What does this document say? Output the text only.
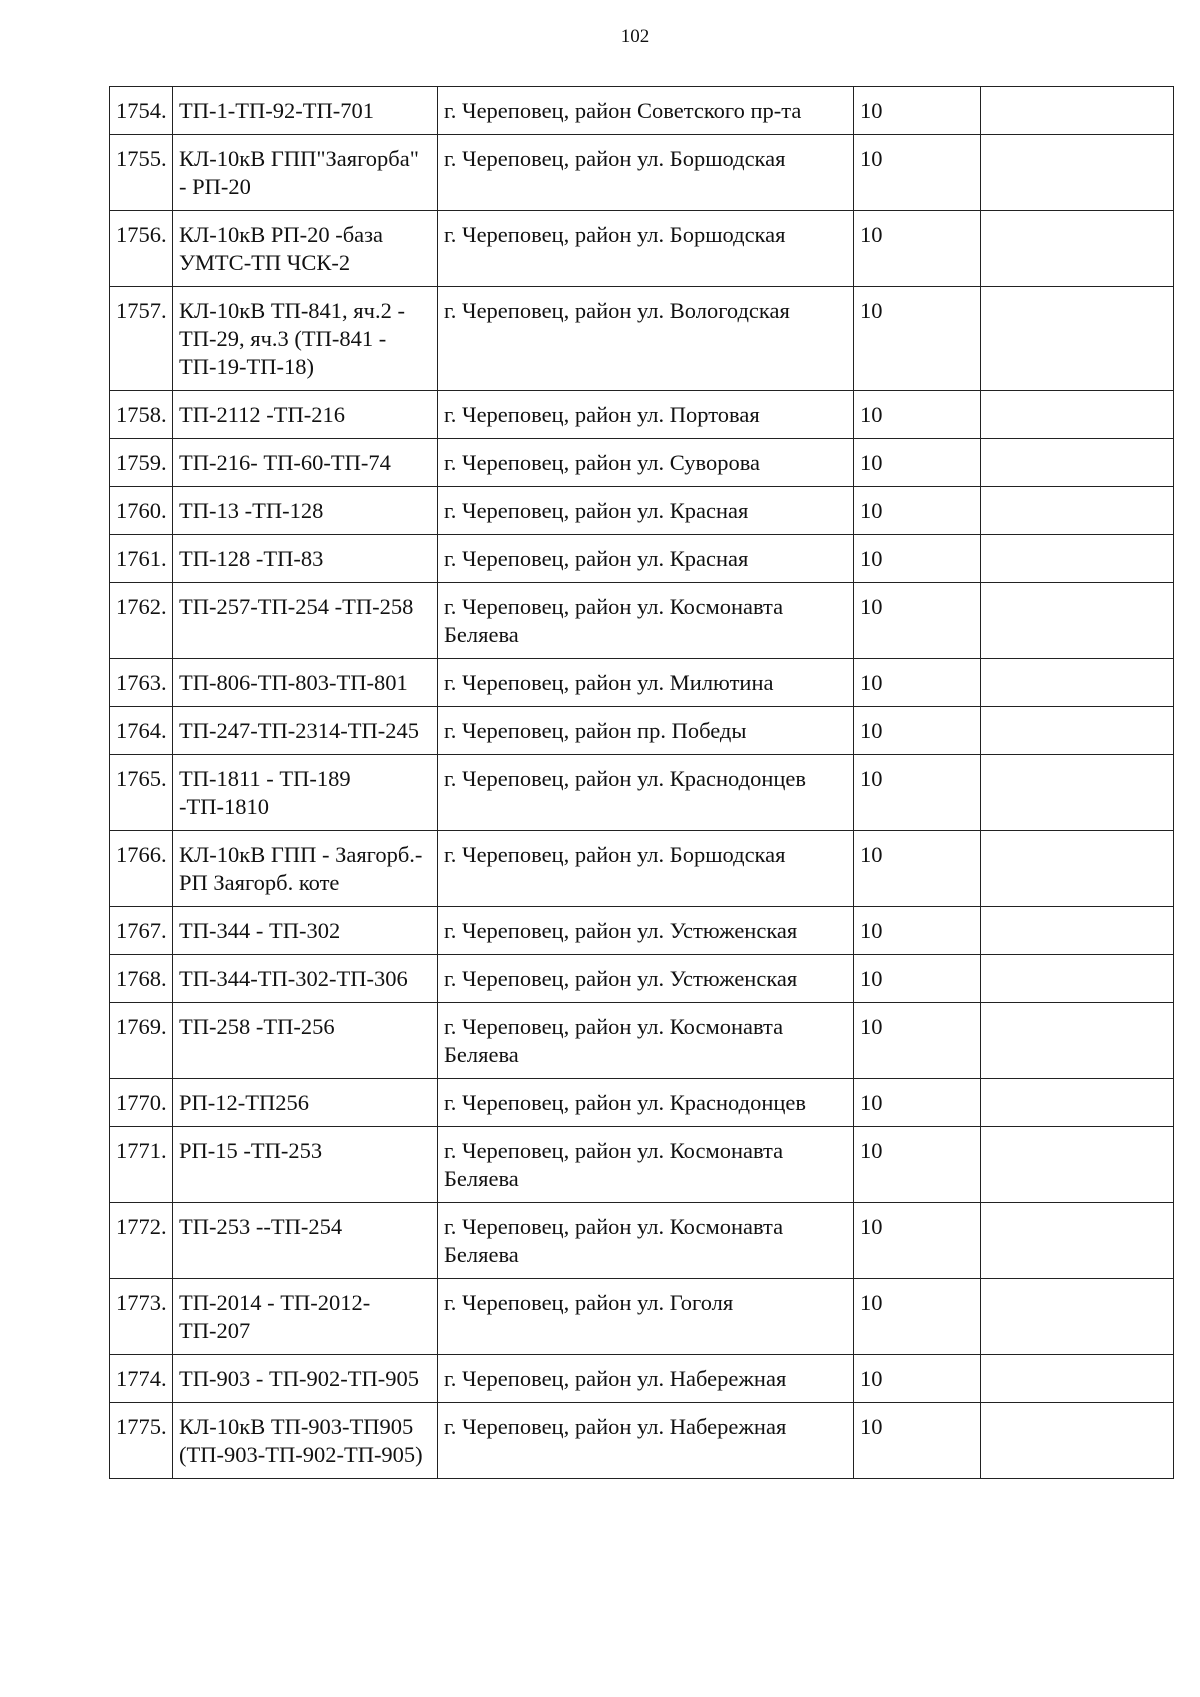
102
1754.	ТП-1-ТП-92-ТП-701	г. Череповец, район Советского пр-та	10	
1755.	КЛ-10кВ ГПП"Заягорба" - РП-20	г. Череповец, район ул. Боршодская	10	
1756.	КЛ-10кВ РП-20 -база УМТС-ТП ЧСК-2	г. Череповец, район ул. Боршодская	10	
1757.	КЛ-10кВ ТП-841, яч.2 - ТП-29, яч.3 (ТП-841 - ТП-19-ТП-18)	г. Череповец, район ул. Вологодская	10	
1758.	ТП-2112 -ТП-216	г. Череповец, район ул. Портовая	10	
1759.	ТП-216- ТП-60-ТП-74	г. Череповец, район ул. Суворова	10	
1760.	ТП-13 -ТП-128	г. Череповец, район ул. Красная	10	
1761.	ТП-128 -ТП-83	г. Череповец, район ул. Красная	10	
1762.	ТП-257-ТП-254 -ТП-258	г. Череповец, район ул. Космонавта Беляева	10	
1763.	ТП-806-ТП-803-ТП-801	г. Череповец, район ул. Милютина	10	
1764.	ТП-247-ТП-2314-ТП-245	г. Череповец, район пр. Победы	10	
1765.	ТП-1811 - ТП-189 -ТП-1810	г. Череповец, район ул. Краснодонцев	10	
1766.	КЛ-10кВ ГПП - Заягорб.-РП Заягорб. коте	г. Череповец, район ул. Боршодская	10	
1767.	ТП-344 - ТП-302	г. Череповец, район ул. Устюженская	10	
1768.	ТП-344-ТП-302-ТП-306	г. Череповец, район ул. Устюженская	10	
1769.	ТП-258 -ТП-256	г. Череповец, район ул. Космонавта Беляева	10	
1770.	РП-12-ТП256	г. Череповец, район ул. Краснодонцев	10	
1771.	РП-15 -ТП-253	г. Череповец, район ул. Космонавта Беляева	10	
1772.	ТП-253 --ТП-254	г. Череповец, район ул. Космонавта Беляева	10	
1773.	ТП-2014 - ТП-2012-ТП-207	г. Череповец, район ул. Гоголя	10	
1774.	ТП-903 - ТП-902-ТП-905	г. Череповец, район ул. Набережная	10	
1775.	КЛ-10кВ ТП-903-ТП905 (ТП-903-ТП-902-ТП-905)	г. Череповец, район ул. Набережная	10	
